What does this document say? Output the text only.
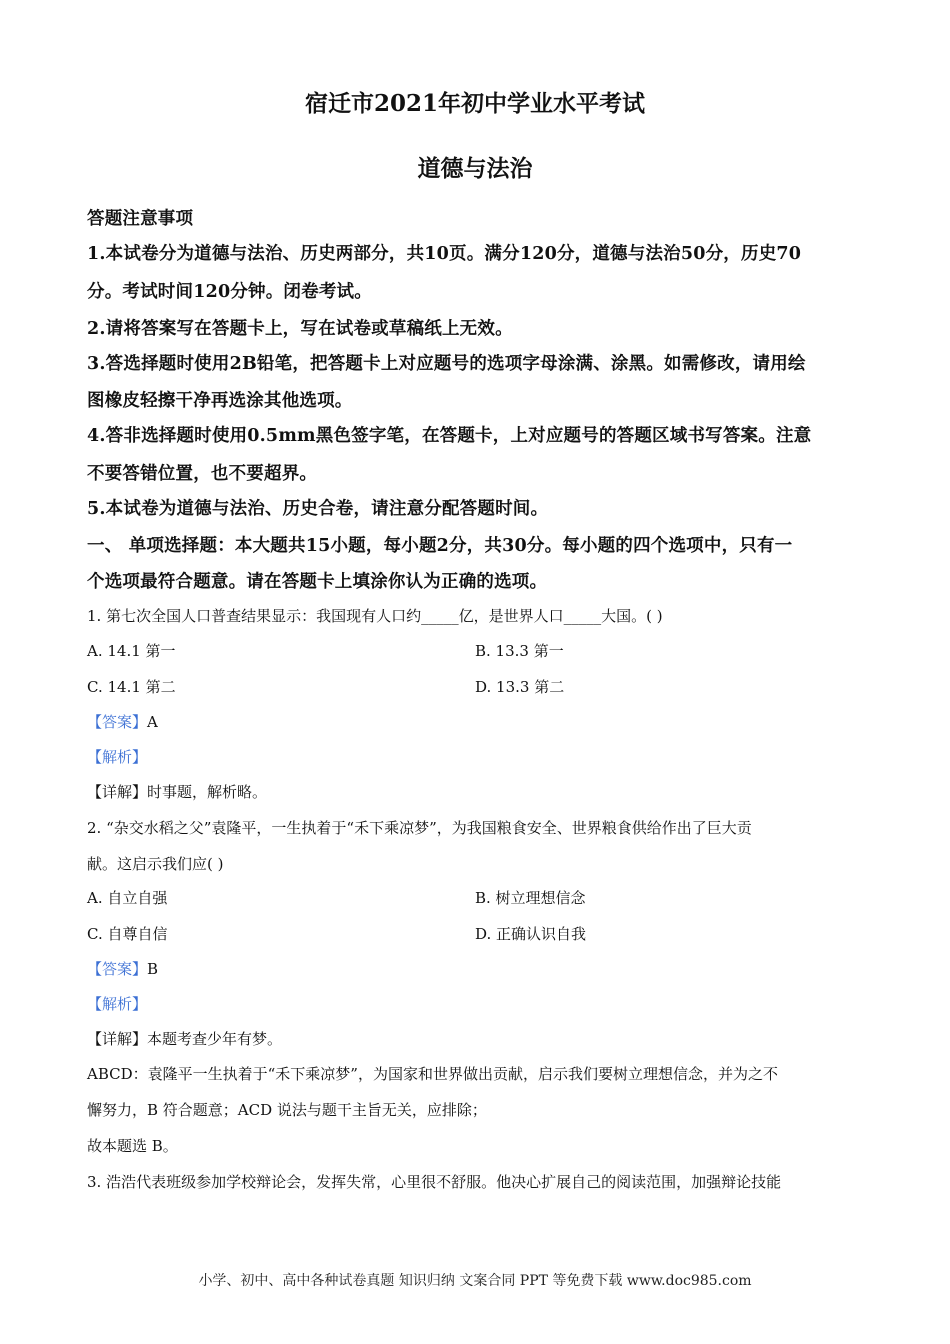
宿迁市2021年初中学业水平考试
道德与法治
答题注意事项
1.本试卷分为道德与法治、历史两部分，共10页。满分120分，道德与法治50分，历史70
分。考试时间120分钟。闭卷考试。
2.请将答案写在答题卡上，写在试卷或草稿纸上无效。
3.答选择题时使用2B铅笔，把答题卡上对应题号的选项字母涂满、涂黑。如需修改，请用绘
图橡皮轻擦干净再选涂其他选项。
4.答非选择题时使用0.5mm黑色签字笔，在答题卡，上对应题号的答题区域书写答案。注意
不要答错位置，也不要超界。
5.本试卷为道德与法治、历史合卷，请注意分配答题时间。
一、 单项选择题：本大题共15小题，每小题2分，共30分。每小题的四个选项中，只有一
个选项最符合题意。请在答题卡上填涂你认为正确的选项。
1. 第七次全国人口普查结果显示：我国现有人口约_____亿，是世界人口_____大国。( )
A. 14.1 第一	B. 13.3 第一
C. 14.1 第二	D. 13.3 第二
【答案】A
【解析】
【详解】时事题，解析略。
2. “杂交水稻之父”袁隆平，一生执着于“禾下乘凉梦”，为我国粮食安全、世界粮食供给作出了巨大贡
献。这启示我们应( )
A. 自立自强	B. 树立理想信念
C. 自尊自信	D. 正确认识自我
【答案】B
【解析】
【详解】本题考查少年有梦。
ABCD：袁隆平一生执着于“禾下乘凉梦”，为国家和世界做出贡献，启示我们要树立理想信念，并为之不
懈努力，B 符合题意；ACD 说法与题干主旨无关，应排除；
故本题选 B。
3. 浩浩代表班级参加学校辩论会，发挥失常，心里很不舒服。他决心扩展自己的阅读范围，加强辩论技能
小学、初中、高中各种试卷真题 知识归纳 文案合同 PPT 等免费下载 www.doc985.com
